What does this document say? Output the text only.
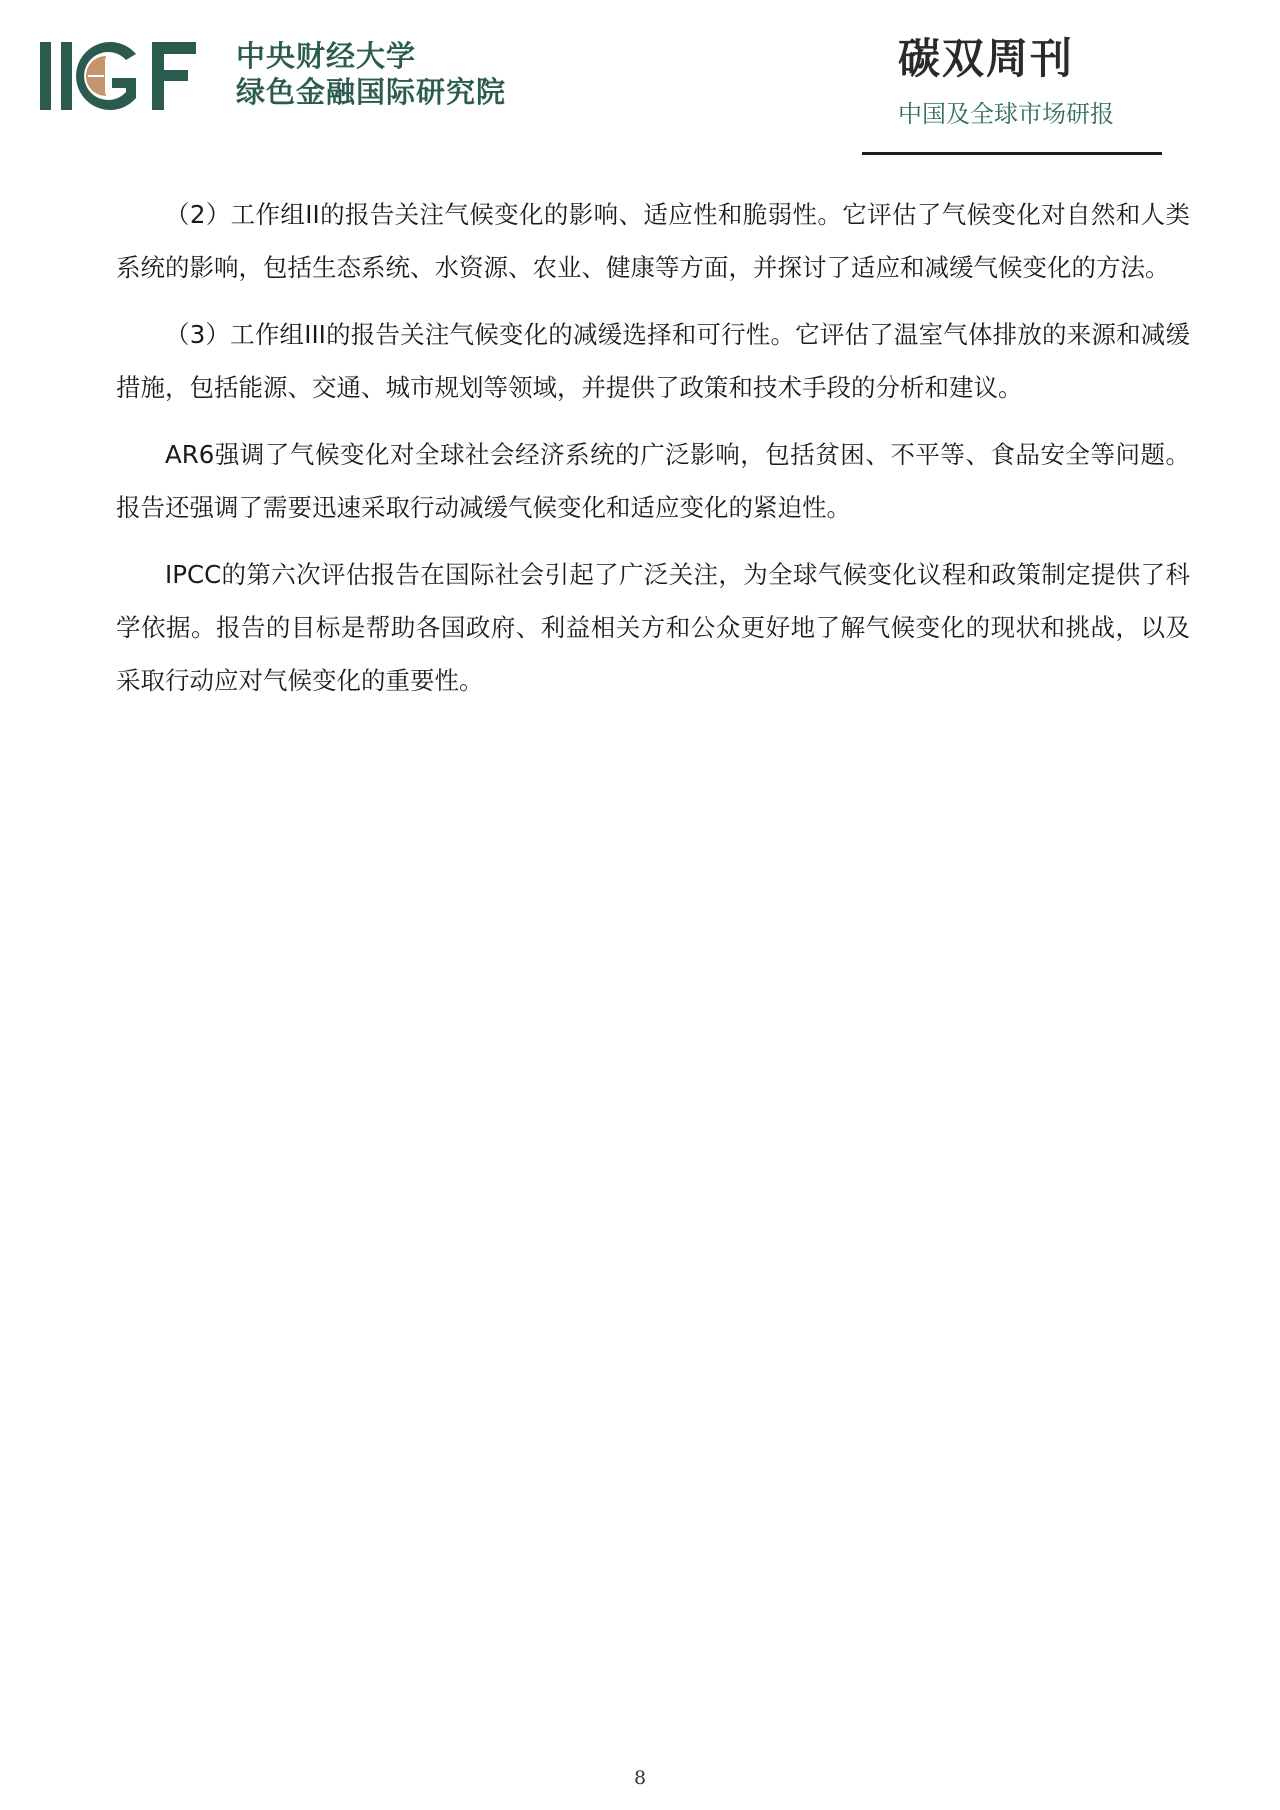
中央财经大学
绿色金融国际研究院
碳双周刊
中国及全球市场研报

（2）工作组II的报告关注气候变化的影响、适应性和脆弱性。它评估了气候变化对自然和人类系统的影响，包括生态系统、水资源、农业、健康等方面，并探讨了适应和减缓气候变化的方法。

（3）工作组III的报告关注气候变化的减缓选择和可行性。它评估了温室气体排放的来源和减缓措施，包括能源、交通、城市规划等领域，并提供了政策和技术手段的分析和建议。

AR6强调了气候变化对全球社会经济系统的广泛影响，包括贫困、不平等、食品安全等问题。报告还强调了需要迅速采取行动减缓气候变化和适应变化的紧迫性。

IPCC的第六次评估报告在国际社会引起了广泛关注，为全球气候变化议程和政策制定提供了科学依据。报告的目标是帮助各国政府、利益相关方和公众更好地了解气候变化的现状和挑战，以及采取行动应对气候变化的重要性。

8
